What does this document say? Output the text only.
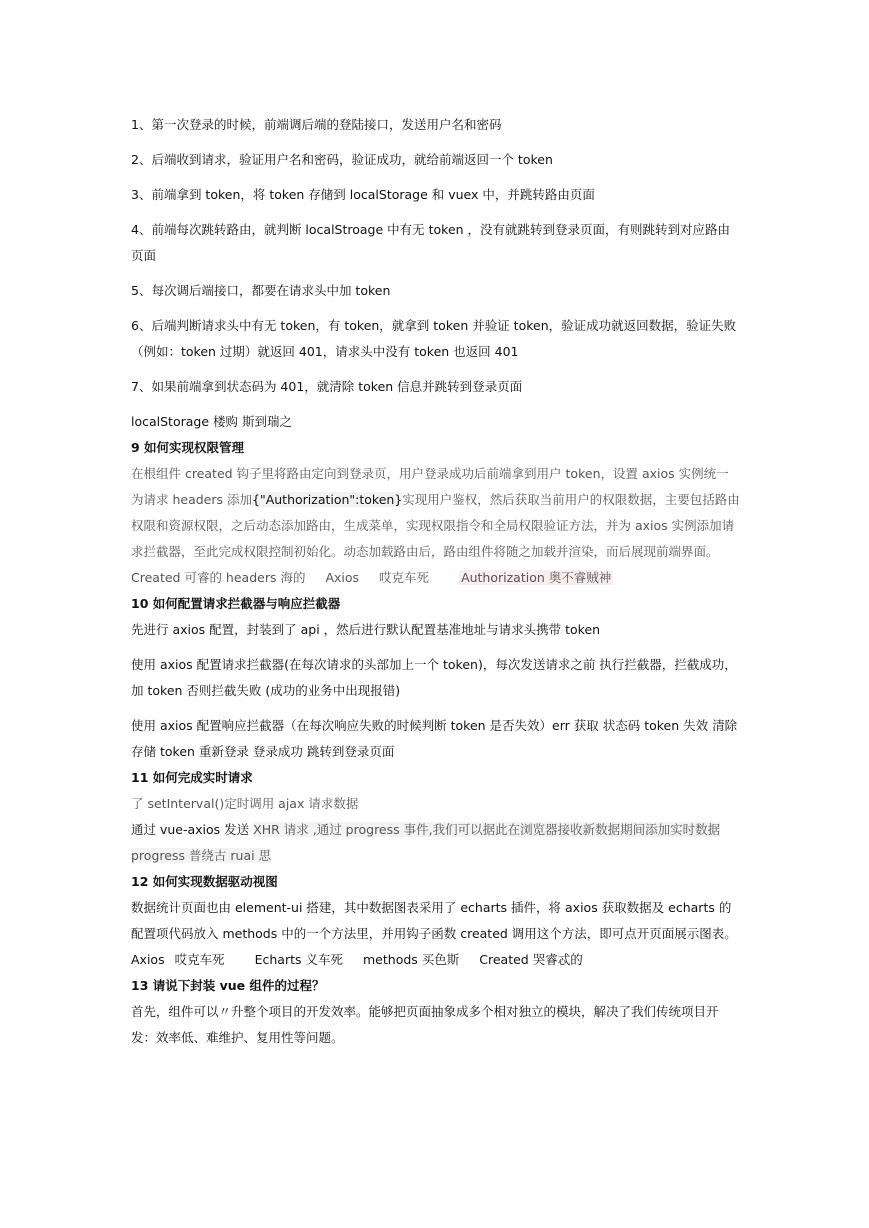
1、第一次登录的时候，前端调后端的登陆接口，发送用户名和密码

2、后端收到请求，验证用户名和密码，验证成功，就给前端返回一个 token

3、前端拿到 token，将 token 存储到 localStorage 和 vuex 中，并跳转路由页面

4、前端每次跳转路由，就判断 localStroage 中有无 token ，没有就跳转到登录页面，有则跳转到对应路由页面

5、每次调后端接口，都要在请求头中加 token

6、后端判断请求头中有无 token，有 token，就拿到 token 并验证 token，验证成功就返回数据，验证失败（例如：token 过期）就返回 401，请求头中没有 token 也返回 401

7、如果前端拿到状态码为 401，就清除 token 信息并跳转到登录页面

localStorage 楼购 斯到瑞之

9 如何实现权限管理

在根组件 created 钩子里将路由定向到登录页，用户登录成功后前端拿到用户 token，设置 axios 实例统一为请求 headers 添加{"Authorization":token}实现用户鉴权，然后获取当前用户的权限数据，主要包括路由权限和资源权限，之后动态添加路由，生成菜单，实现权限指令和全局权限验证方法，并为 axios 实例添加请求拦截器，至此完成权限控制初始化。动态加载路由后，路由组件将随之加载并渲染，而后展现前端界面。

Created 可睿的 headers 海的 Axios 哎克车死	Authorization 奥不睿贼神

10 如何配置请求拦截器与响应拦截器

先进行 axios 配置，封装到了 api ，然后进行默认配置基准地址与请求头携带 token

使用 axios 配置请求拦截器(在每次请求的头部加上一个 token)，每次发送请求之前 执行拦截器，拦截成功，加 token 否则拦截失败 (成功的业务中出现报错)

使用 axios 配置响应拦截器（在每次响应失败的时候判断 token 是否失效）err 获取 状态码 token 失效 清除存储 token 重新登录 登录成功 跳转到登录页面

11 如何完成实时请求

了 setInterval()定时调用 ajax 请求数据

通过 vue-axios 发送 XHR 请求 ,通过 progress 事件,我们可以据此在浏览器接收新数据期间添加实时数据

progress 普绕古 ruai 思

12 如何实现数据驱动视图

数据统计页面也由 element-ui 搭建，其中数据图表采用了 echarts 插件，将 axios 获取数据及 echarts 的配置项代码放入 methods 中的一个方法里，并用钩子函数 created 调用这个方法，即可点开页面展示图表。Axios 哎克车死 Echarts 义车死 methods 买色斯 Created 哭睿忒的

13 请说下封装 vue 组件的过程？

首先，组件可以〃升整个项目的开发效率。能够把页面抽象成多个相对独立的模块，解决了我们传统项目开 发：效率低、难维护、复用性等问题。
